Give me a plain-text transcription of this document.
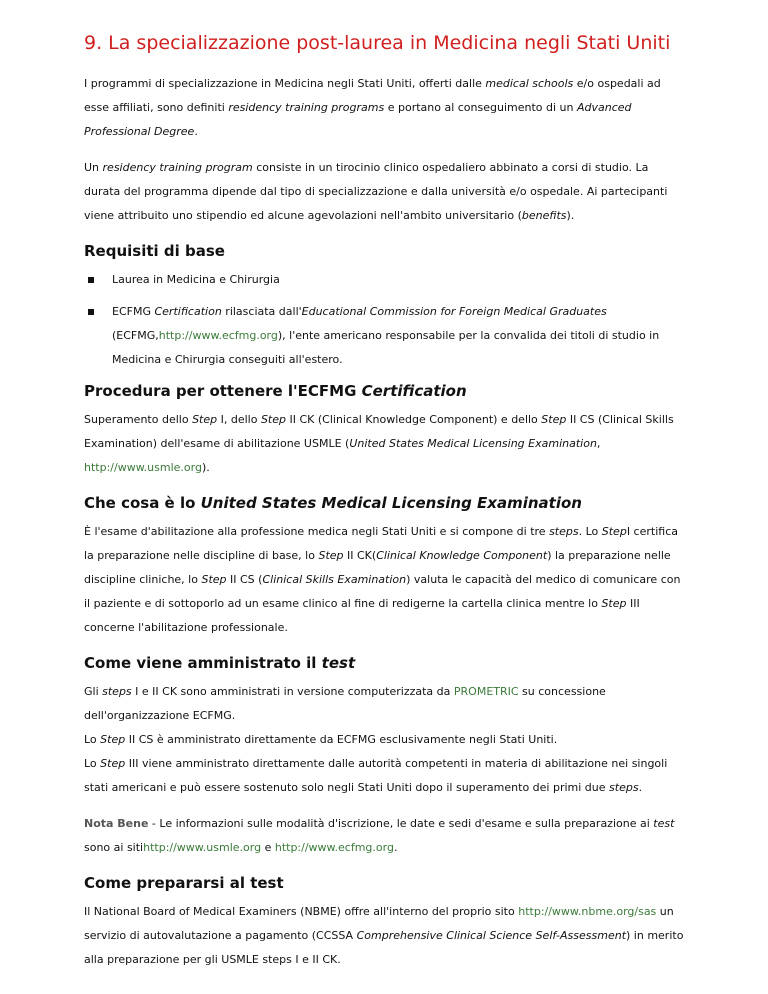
9. La specializzazione post-laurea in Medicina negli Stati Uniti

I programmi di specializzazione in Medicina negli Stati Uniti, offerti dalle medical schools e/o ospedali ad esse affiliati, sono definiti residency training programs e portano al conseguimento di un Advanced Professional Degree.

Un residency training program consiste in un tirocinio clinico ospedaliero abbinato a corsi di studio. La durata del programma dipende dal tipo di specializzazione e dalla università e/o ospedale. Ai partecipanti viene attribuito uno stipendio ed alcune agevolazioni nell'ambito universitario (benefits).

Requisiti di base
Laurea in Medicina e Chirurgia
ECFMG Certification rilasciata dall'Educational Commission for Foreign Medical Graduates (ECFMG,http://www.ecfmg.org), l'ente americano responsabile per la convalida dei titoli di studio in Medicina e Chirurgia conseguiti all'estero.
Procedura per ottenere l'ECFMG Certification

Superamento dello Step I, dello Step II CK (Clinical Knowledge Component) e dello Step II CS (Clinical Skills Examination) dell'esame di abilitazione USMLE (United States Medical Licensing Examination, http://www.usmle.org).

Che cosa è lo United States Medical Licensing Examination

È l'esame d'abilitazione alla professione medica negli Stati Uniti e si compone di tre steps. Lo StepI certifica la preparazione nelle discipline di base, lo Step II CK(Clinical Knowledge Component) la preparazione nelle discipline cliniche, lo Step II CS (Clinical Skills Examination) valuta le capacità del medico di comunicare con il paziente e di sottoporlo ad un esame clinico al fine di redigerne la cartella clinica mentre lo Step III concerne l'abilitazione professionale.

Come viene amministrato il test

Gli steps I e II CK sono amministrati in versione computerizzata da PROMETRIC su concessione dell'organizzazione ECFMG.

Lo Step II CS è amministrato direttamente da ECFMG esclusivamente negli Stati Uniti.

Lo Step III viene amministrato direttamente dalle autorità competenti in materia di abilitazione nei singoli stati americani e può essere sostenuto solo negli Stati Uniti dopo il superamento dei primi due steps.

Nota Bene - Le informazioni sulle modalità d'iscrizione, le date e sedi d'esame e sulla preparazione ai test sono ai sitihttp://www.usmle.org e http://www.ecfmg.org.

Come prepararsi al test

Il National Board of Medical Examiners (NBME) offre all'interno del proprio sito http://www.nbme.org/sas un servizio di autovalutazione a pagamento (CCSSA Comprehensive Clinical Science Self-Assessment) in merito alla preparazione per gli USMLE steps I e II CK.
